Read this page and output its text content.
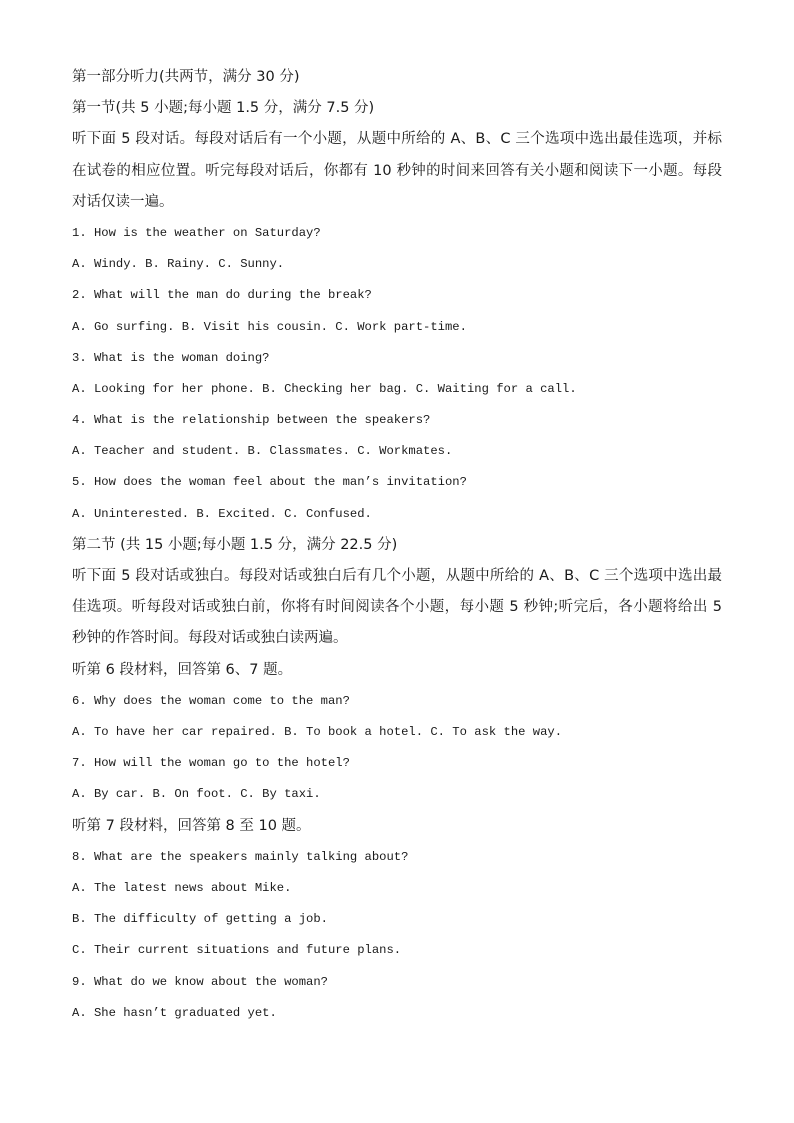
第一部分听力(共两节，满分 30 分)
第一节(共 5 小题;每小题 1.5 分，满分 7.5 分)
听下面 5 段对话。每段对话后有一个小题，从题中所给的 A、B、C 三个选项中选出最佳选项，并标在试卷的相应位置。听完每段对话后，你都有 10 秒钟的时间来回答有关小题和阅读下一小题。每段对话仅读一遍。
1. How is the weather on Saturday?
A. Windy. B. Rainy. C. Sunny.
2. What will the man do during the break?
A. Go surfing. B. Visit his cousin. C. Work part-time.
3. What is the woman doing?
A. Looking for her phone. B. Checking her bag. C. Waiting for a call.
4. What is the relationship between the speakers?
A. Teacher and student. B. Classmates. C. Workmates.
5. How does the woman feel about the man’s invitation?
A. Uninterested. B. Excited. C. Confused.
第二节 (共 15 小题;每小题 1.5 分，满分 22.5 分)
听下面 5 段对话或独白。每段对话或独白后有几个小题，从题中所给的 A、B、C 三个选项中选出最佳选项。听每段对话或独白前，你将有时间阅读各个小题，每小题 5 秒钟;听完后，各小题将给出 5 秒钟的作答时间。每段对话或独白读两遍。
听第 6 段材料，回答第 6、7 题。
6. Why does the woman come to the man?
A. To have her car repaired. B. To book a hotel. C. To ask the way.
7. How will the woman go to the hotel?
A. By car. B. On foot. C. By taxi.
听第 7 段材料，回答第 8 至 10 题。
8. What are the speakers mainly talking about?
A. The latest news about Mike.
B. The difficulty of getting a job.
C. Their current situations and future plans.
9. What do we know about the woman?
A. She hasn’t graduated yet.
